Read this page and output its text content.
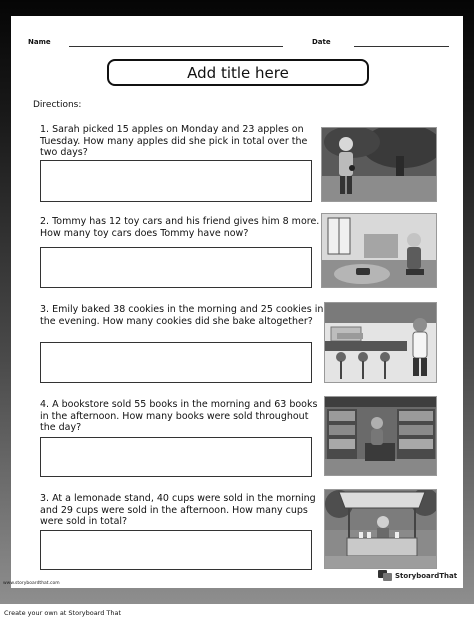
Name	Date
Add title here
Directions:
1. Sarah picked 15 apples on Monday and 23 apples on Tuesday. How many apples did she pick in total over the two days?
2. Tommy has 12 toy cars and his friend gives him 8 more. How many toy cars does Tommy have now?
3. Emily baked 38 cookies in the morning and 25 cookies in the evening. How many cookies did she bake altogether?
4. A bookstore sold 55 books in the morning and 63 books in the afternoon. How many books were sold throughout the day?
3. At a lemonade stand, 40 cups were sold in the morning and 29 cups were sold in the afternoon. How many cups were sold in total?
www.storyboardthat.com
StoryboardThat
Create your own at Storyboard That
